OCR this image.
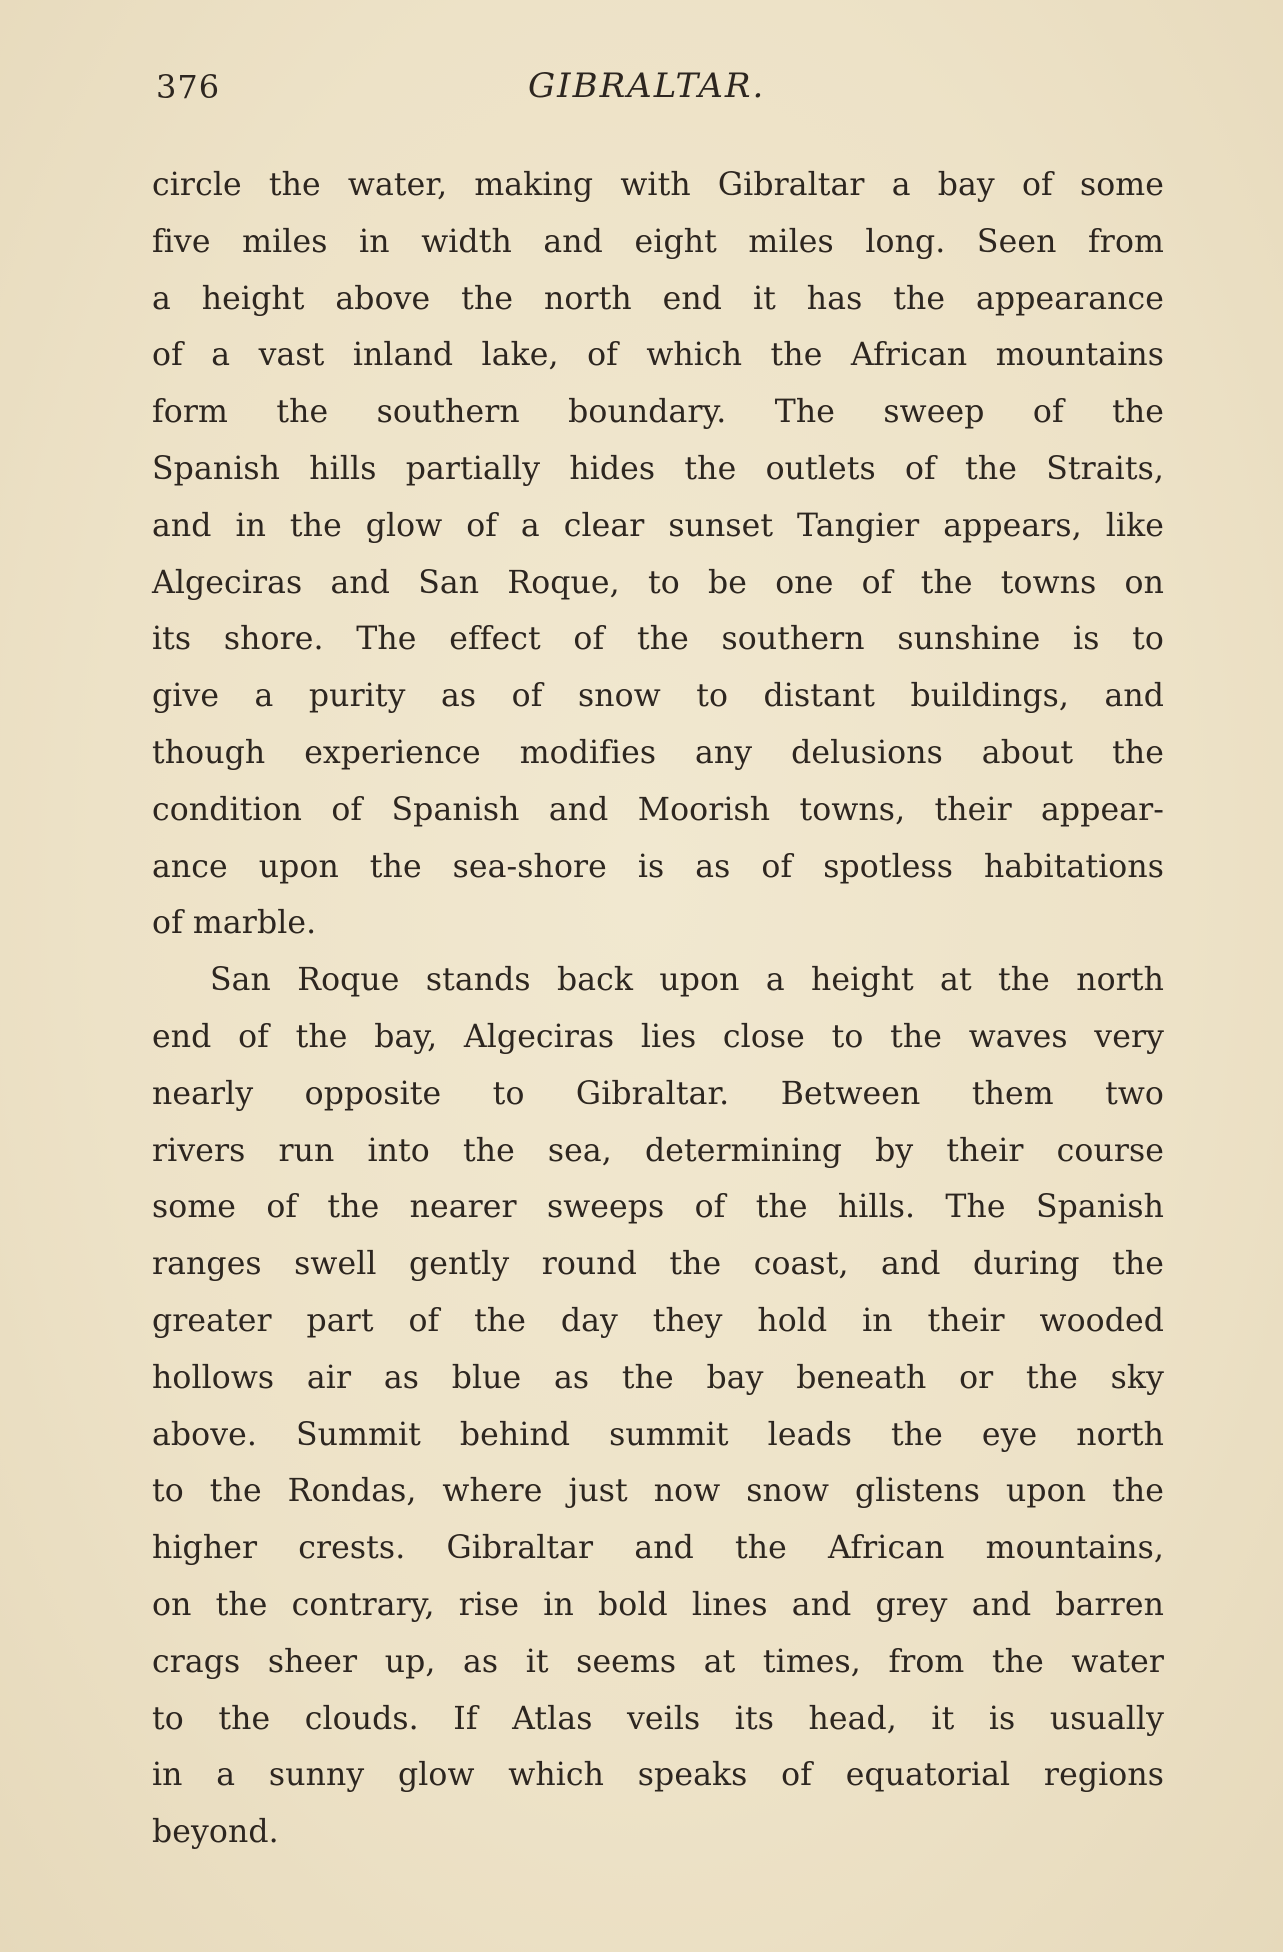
376	GIBRALTAR.
circle the water, making with Gibraltar a bay of some
five miles in width and eight miles long. Seen from
a height above the north end it has the appearance
of a vast inland lake, of which the African mountains
form the southern boundary. The sweep of the
Spanish hills partially hides the outlets of the Straits,
and in the glow of a clear sunset Tangier appears, like
Algeciras and San Roque, to be one of the towns on
its shore. The effect of the southern sunshine is to
give a purity as of snow to distant buildings, and
though experience modifies any delusions about the
condition of Spanish and Moorish towns, their appear-
ance upon the sea-shore is as of spotless habitations
of marble.
San Roque stands back upon a height at the north
end of the bay, Algeciras lies close to the waves very
nearly opposite to Gibraltar. Between them two
rivers run into the sea, determining by their course
some of the nearer sweeps of the hills. The Spanish
ranges swell gently round the coast, and during the
greater part of the day they hold in their wooded
hollows air as blue as the bay beneath or the sky
above. Summit behind summit leads the eye north
to the Rondas, where just now snow glistens upon the
higher crests. Gibraltar and the African mountains,
on the contrary, rise in bold lines and grey and barren
crags sheer up, as it seems at times, from the water
to the clouds. If Atlas veils its head, it is usually
in a sunny glow which speaks of equatorial regions
beyond.
